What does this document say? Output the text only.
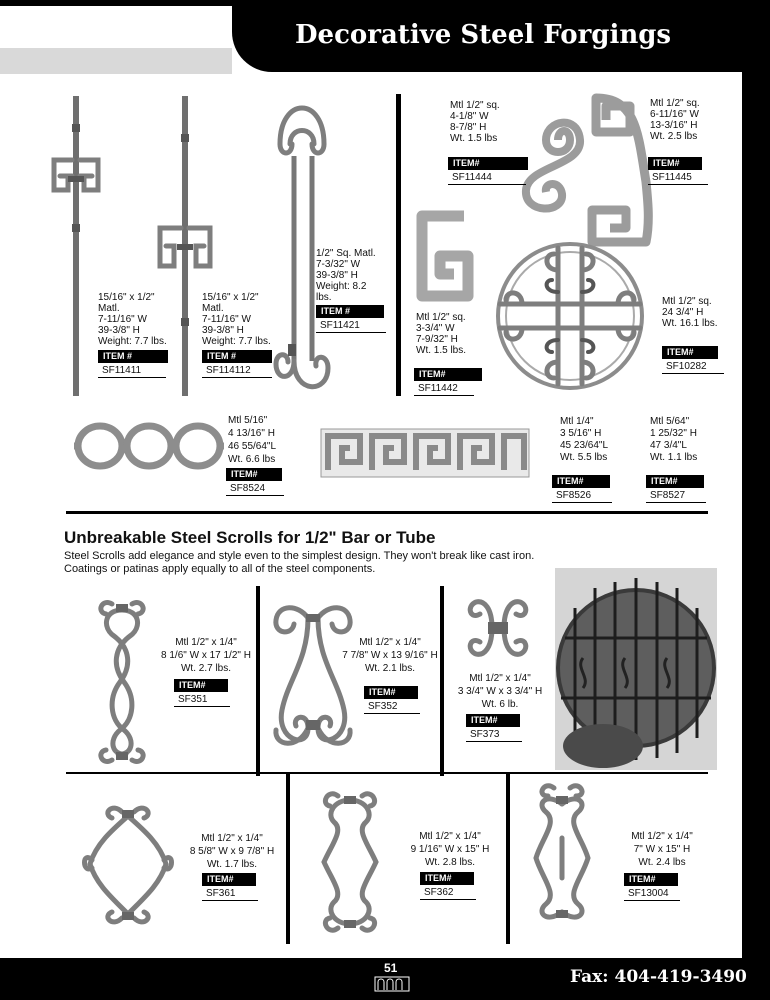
Decorative Steel Forgings
15/16" x 1/2"
Matl.
7-11/16" W
39-3/8" H
Weight: 7.7 lbs.
ITEM #
SF11411
15/16" x 1/2"
Matl.
7-11/16" W
39-3/8" H
Weight: 7.7 lbs.
ITEM #
SF114112
1/2" Sq. Matl.
7-3/32" W
39-3/8" H
Weight: 8.2
lbs.
ITEM #
SF11421
Mtl 1/2" sq.
3-3/4" W
7-9/32" H
Wt. 1.5 lbs.
ITEM#
SF11442
Mtl 1/2" sq.
4-1/8" W
8-7/8" H
Wt. 1.5 lbs
ITEM#
SF11444
Mtl 1/2" sq.
6-11/16" W
13-3/16" H
Wt. 2.5 lbs
ITEM#
SF11445
Mtl 1/2" sq.
24 3/4" H
Wt. 16.1 lbs.
ITEM#
SF10282
Mtl 5/16"
4 13/16" H
46 55/64"L
Wt. 6.6 lbs
ITEM#
SF8524
Mtl 1/4"
3 5/16" H
45 23/64"L
Wt. 5.5 lbs
ITEM#
SF8526
Mtl 5/64"
1 25/32" H
47 3/4"L
Wt. 1.1 lbs
ITEM#
SF8527
Unbreakable Steel Scrolls for 1/2" Bar or Tube
Steel Scrolls add elegance and style even to the simplest design. They won't break like cast iron. Coatings or patinas apply equally to all of the steel components.
Mtl 1/2" x 1/4"
8 1/6" W x 17 1/2" H
Wt. 2.7 lbs.
ITEM#
SF351
Mtl 1/2" x 1/4"
7 7/8" W x 13 9/16" H
Wt. 2.1 lbs.
ITEM#
SF352
Mtl 1/2" x 1/4"
3 3/4" W x 3 3/4" H
Wt. 6 lb.
ITEM#
SF373
Mtl 1/2" x 1/4"
8 5/8" W x 9 7/8" H
Wt. 1.7 lbs.
ITEM#
SF361
Mtl 1/2" x 1/4"
9 1/16" W x 15" H
Wt. 2.8 lbs.
ITEM#
SF362
Mtl 1/2" x 1/4"
7" W x 15" H
Wt. 2.4 lbs
ITEM#
SF13004
51	Fax: 404-419-3490
